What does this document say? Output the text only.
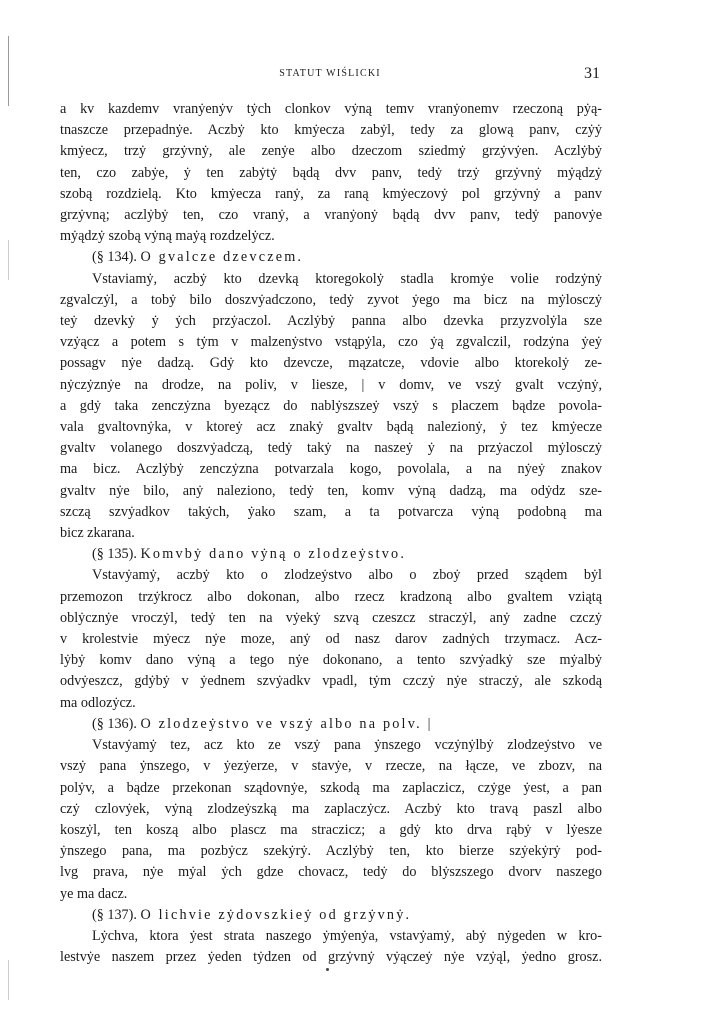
STATUT WIŚLICKI	31
a kv kazdemv vranẏenẏv tẏch clonkov vẏną temv vranẏonemv rzeczoną pẏą-
tnaszcze przepadnẏe. Aczbẏ kto kmẏecza zabẏl, tedy za glową panv, czẏẏ
kmẏecz, trzẏ grzẏvnẏ, ale zenẏe albo dzeczom sziedmẏ grzẏvẏen. Aczlẏbẏ
ten, czo zabẏe, ẏ ten zabẏtẏ bądą dvv panv, tedẏ trzẏ grzẏvnẏ mẏądzẏ
szobą rozdzielą. Kto kmẏecza ranẏ, za raną kmẏeczovẏ pol grzẏvnẏ a panv
grzẏvną; aczlẏbẏ ten, czo vranẏ, a vranẏonẏ bądą dvv panv, tedẏ panovẏe
mẏądzẏ szobą vẏną maẏą rozdzelẏcz.
(§ 134). O gvalcze dzevczem.
Vstaviamẏ, aczbẏ kto dzevką ktoregokolẏ stadla kromẏe volie rodzẏnẏ
zgvalczẏl, a tobẏ bilo doszvẏadczono, tedẏ zyvot ẏego ma bicz na mẏlosczẏ
teẏ dzevkẏ ẏ ẏch przẏaczol. Aczlẏbẏ panna albo dzevka przyzvolẏla sze
vzẏącz a potem s tẏm v malzenẏstvo vstąpẏla, czo ẏą zgvalczil, rodzẏna ẏeẏ
possagv nẏe dadzą. Gdẏ kto dzevcze, mązatcze, vdovie albo ktorekolẏ ze-
nẏczẏznẏe na drodze, na poliv, v liesze, | v domv, ve vszẏ gvalt vczẏnẏ,
a gdẏ taka zenczẏzna byezącz do nablẏszszeẏ vszẏ s placzem bądze povola-
vala gvaltovnẏka, v ktoreẏ acz znakẏ gvaltv bądą nalezionẏ, ẏ tez kmẏecze
gvaltv volanego doszvẏadczą, tedẏ takẏ na naszeẏ ẏ na przẏaczol mẏlosczẏ
ma bicz. Aczlẏbẏ zenczẏzna potvarzala kogo, povolala, a na nẏeẏ znakov
gvaltv nẏe bilo, anẏ naleziono, tedẏ ten, komv vẏną dadzą, ma odẏdz sze-
szczą szvẏadkov takẏch, ẏako szam, a ta potvarcza vẏną podobną ma
bicz zkarana.
(§ 135). Komvbẏ dano vẏną o zlodzeẏstvo.
Vstavẏamẏ, aczbẏ kto o zlodzeẏstvo albo o zboẏ przed sządem bẏl
przemozon trzẏkrocz albo dokonan, albo rzecz kradzoną albo gvaltem vziątą
oblẏcznẏe vroczẏl, tedẏ ten na vẏekẏ szvą czeszcz straczẏl, anẏ zadne czczẏ
v krolestvie mẏecz nẏe moze, anẏ od nasz darov zadnẏch trzymacz. Acz-
lẏbẏ komv dano vẏną a tego nẏe dokonano, a tento szvẏadkẏ sze mẏalbẏ
odvẏeszcz, gdẏbẏ v ẏednem szvẏadkv vpadl, tẏm czczẏ nẏe straczẏ, ale szkodą
ma odlozẏcz.
(§ 136). O zlodzeẏstvo ve vszẏ albo na polv. |
Vstavẏamẏ tez, acz kto ze vszẏ pana ẏnszego vczẏnẏlbẏ zlodzeẏstvo ve
vszẏ pana ẏnszego, v ẏezẏerze, v stavẏe, v rzecze, na łącze, ve zbozv, na
polẏv, a bądze przekonan sządovnẏe, szkodą ma zaplaczicz, czẏge ẏest, a pan
czẏ czlovẏek, vẏną zlodzeẏszką ma zaplaczẏcz. Aczbẏ kto travą paszl albo
koszẏl, ten koszą albo plascz ma straczicz; a gdẏ kto drva rąbẏ v lẏesze
ẏnszego pana, ma pozbẏcz szekẏrẏ. Aczlẏbẏ ten, kto bierze szẏekẏrẏ pod-
lvg prava, nẏe mẏal ẏch gdze chovacz, tedẏ do blẏszszego dvorv naszego
ye ma dacz.
(§ 137). O lichvie zẏdovszkieẏ od grzẏvnẏ.
Lẏchva, ktora ẏest strata naszego ẏmẏenẏa, vstavẏamẏ, abẏ nẏgeden w kro-
lestvẏe naszem przez ẏeden tẏdzen od grzẏvnẏ vẏączeẏ nẏe vzẏąl, ẏedno grosz.
